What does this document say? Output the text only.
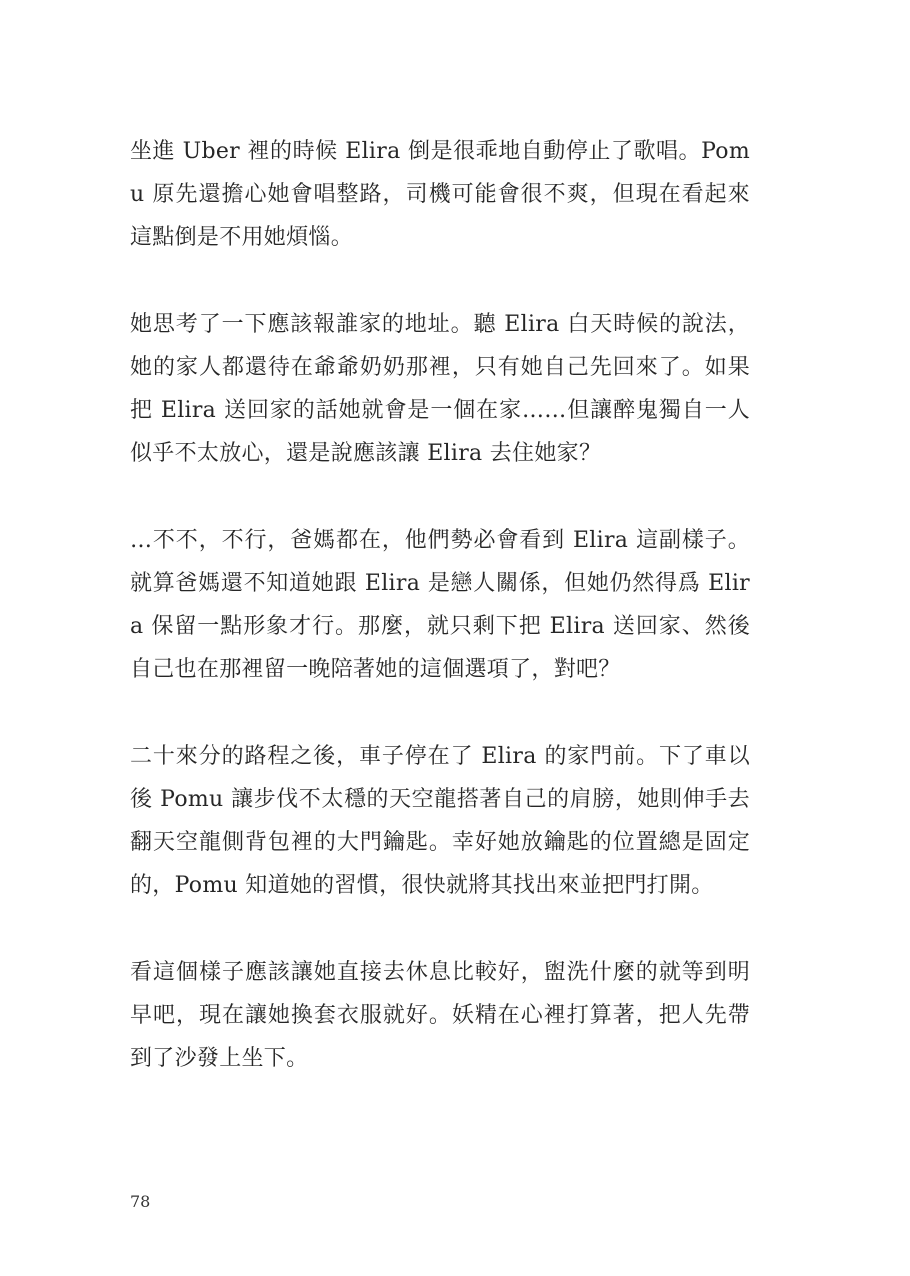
坐進 Uber 裡的時候 Elira 倒是很乖地自動停止了歌唱。Pomu 原先還擔心她會唱整路，司機可能會很不爽，但現在看起來這點倒是不用她煩惱。

她思考了一下應該報誰家的地址。聽 Elira 白天時候的說法，她的家人都還待在爺爺奶奶那裡，只有她自己先回來了。如果把 Elira 送回家的話她就會是一個在家……但讓醉鬼獨自一人似乎不太放心，還是說應該讓 Elira 去住她家？

…不不，不行，爸媽都在，他們勢必會看到 Elira 這副樣子。就算爸媽還不知道她跟 Elira 是戀人關係，但她仍然得爲 Elira 保留一點形象才行。那麼，就只剩下把 Elira 送回家、然後自己也在那裡留一晚陪著她的這個選項了，對吧？

二十來分的路程之後，車子停在了 Elira 的家門前。下了車以後 Pomu 讓步伐不太穩的天空龍搭著自己的肩膀，她則伸手去翻天空龍側背包裡的大門鑰匙。幸好她放鑰匙的位置總是固定的，Pomu 知道她的習慣，很快就將其找出來並把門打開。

看這個樣子應該讓她直接去休息比較好，盥洗什麼的就等到明早吧，現在讓她換套衣服就好。妖精在心裡打算著，把人先帶到了沙發上坐下。

78
